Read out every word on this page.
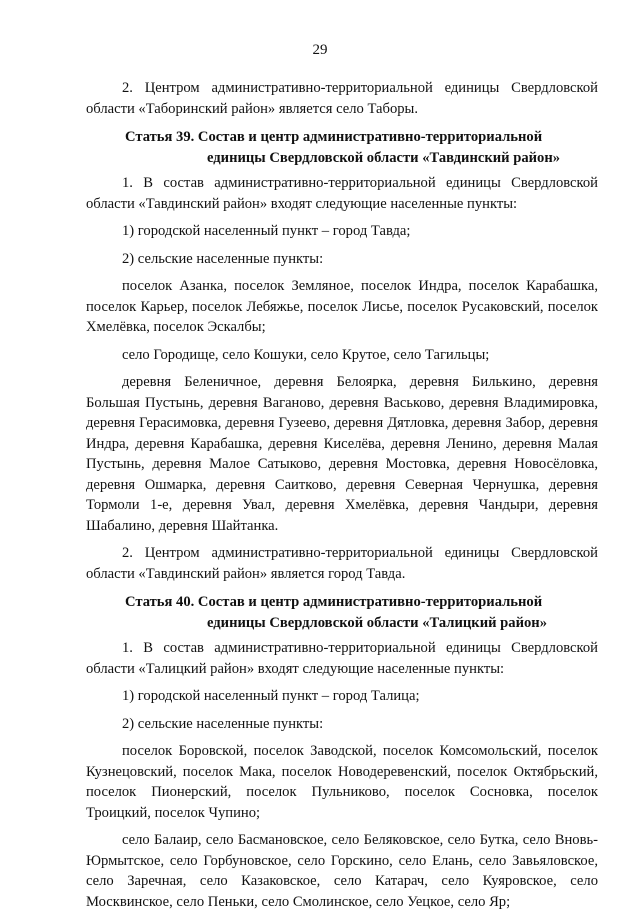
29

2. Центром административно-территориальной единицы Свердловской области «Таборинский район» является село Таборы.

Статья 39. Состав и центр административно-территориальной единицы Свердловской области «Тавдинский район»

1. В состав административно-территориальной единицы Свердловской области «Тавдинский район» входят следующие населенные пункты:

1) городской населенный пункт – город Тавда;

2) сельские населенные пункты:

поселок Азанка, поселок Земляное, поселок Индра, поселок Карабашка, поселок Карьер, поселок Лебяжье, поселок Лисье, поселок Русаковский, поселок Хмелёвка, поселок Эскалбы;

село Городище, село Кошуки, село Крутое, село Тагильцы;

деревня Беленичное, деревня Белоярка, деревня Билькино, деревня Большая Пустынь, деревня Ваганово, деревня Васьково, деревня Владимировка, деревня Герасимовка, деревня Гузеево, деревня Дятловка, деревня Забор, деревня Индра, деревня Карабашка, деревня Киселёва, деревня Ленино, деревня Малая Пустынь, деревня Малое Сатыково, деревня Мостовка, деревня Новосёловка, деревня Ошмарка, деревня Саитково, деревня Северная Чернушка, деревня Тормоли 1-е, деревня Увал, деревня Хмелёвка, деревня Чандыри, деревня Шабалино, деревня Шайтанка.

2. Центром административно-территориальной единицы Свердловской области «Тавдинский район» является город Тавда.

Статья 40. Состав и центр административно-территориальной единицы Свердловской области «Талицкий район»

1. В состав административно-территориальной единицы Свердловской области «Талицкий район» входят следующие населенные пункты:

1) городской населенный пункт – город Талица;

2) сельские населенные пункты:

поселок Боровской, поселок Заводской, поселок Комсомольский, поселок Кузнецовский, поселок Мака, поселок Новодеревенский, поселок Октябрьский, поселок Пионерский, поселок Пульниково, поселок Сосновка, поселок Троицкий, поселок Чупино;

село Балаир, село Басмановское, село Беляковское, село Бутка, село Вновь-Юрмытское, село Горбуновское, село Горскино, село Елань, село Завьяловское, село Заречная, село Казаковское, село Катарач, село Куяровское, село Москвинское, село Пеньки, село Смолинское, село Уецкое, село Яр;
